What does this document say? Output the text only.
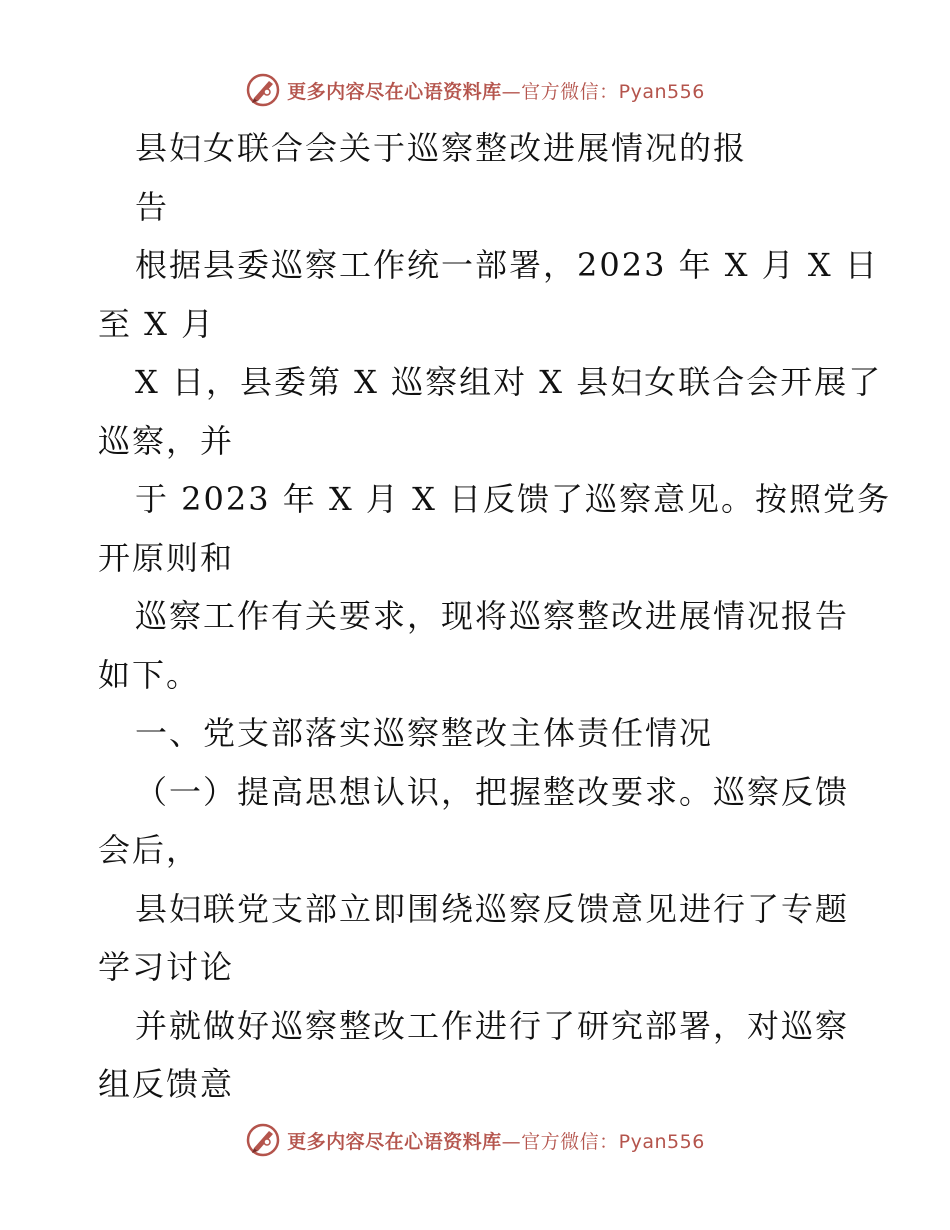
更多内容尽在心语资料库—官方微信：Pyan556
县妇女联合会关于巡察整改进展情况的报
告
根据县委巡察工作统一部署，2023 年 X 月 X 日
至 X 月
X 日，县委第 X 巡察组对 X 县妇女联合会开展了
巡察，并
于 2023 年 X 月 X 日反馈了巡察意见。按照党务
开原则和
巡察工作有关要求，现将巡察整改进展情况报告
如下。
一、党支部落实巡察整改主体责任情况
（一）提高思想认识，把握整改要求。巡察反馈
会后，
县妇联党支部立即围绕巡察反馈意见进行了专题
学习讨论
并就做好巡察整改工作进行了研究部署，对巡察
组反馈意
更多内容尽在心语资料库—官方微信：Pyan556
